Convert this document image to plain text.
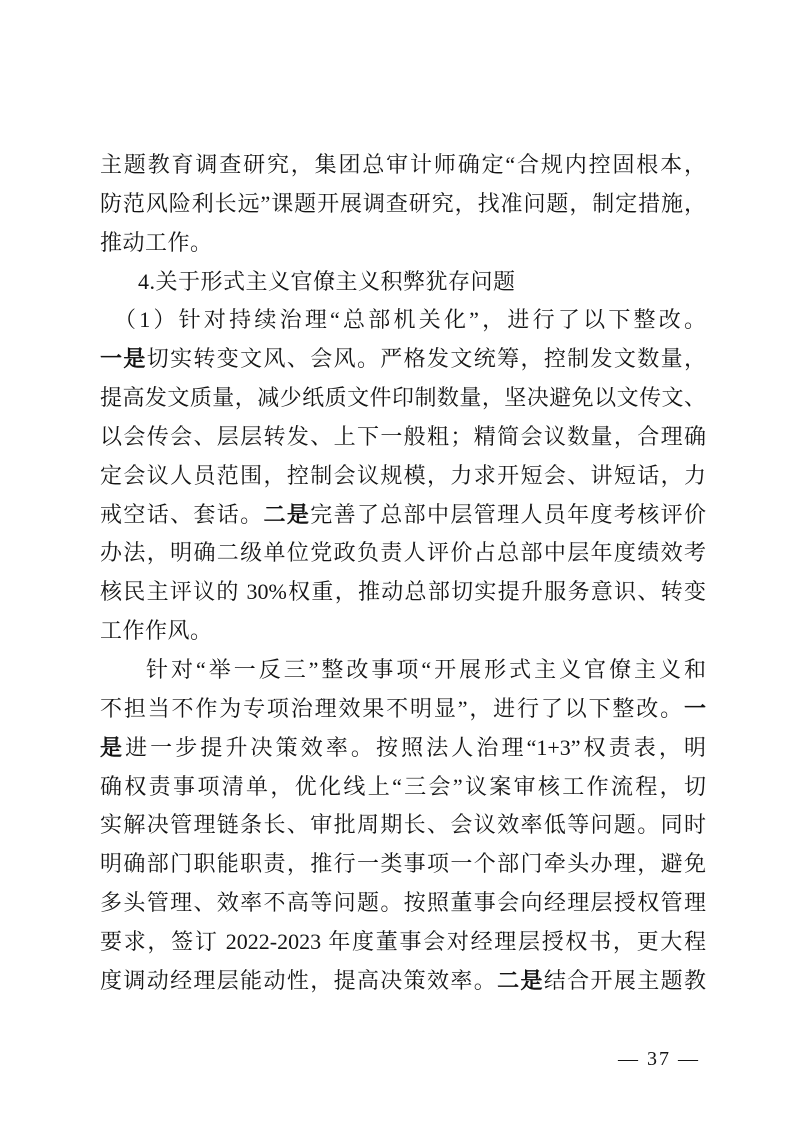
主题教育调查研究，集团总审计师确定“合规内控固根本，
防范风险利长远”课题开展调查研究，找准问题，制定措施，
推动工作。
4.关于形式主义官僚主义积弊犹存问题
（1）针对持续治理“总部机关化”，进行了以下整改。
一是切实转变文风、会风。严格发文统筹，控制发文数量，
提高发文质量，减少纸质文件印制数量，坚决避免以文传文、
以会传会、层层转发、上下一般粗；精简会议数量，合理确
定会议人员范围，控制会议规模，力求开短会、讲短话，力
戒空话、套话。二是完善了总部中层管理人员年度考核评价
办法，明确二级单位党政负责人评价占总部中层年度绩效考
核民主评议的 30%权重，推动总部切实提升服务意识、转变
工作作风。
针对“举一反三”整改事项“开展形式主义官僚主义和
不担当不作为专项治理效果不明显”，进行了以下整改。一
是进一步提升决策效率。按照法人治理“1+3”权责表，明
确权责事项清单，优化线上“三会”议案审核工作流程，切
实解决管理链条长、审批周期长、会议效率低等问题。同时
明确部门职能职责，推行一类事项一个部门牵头办理，避免
多头管理、效率不高等问题。按照董事会向经理层授权管理
要求，签订 2022-2023 年度董事会对经理层授权书，更大程
度调动经理层能动性，提高决策效率。二是结合开展主题教
— 37 —
